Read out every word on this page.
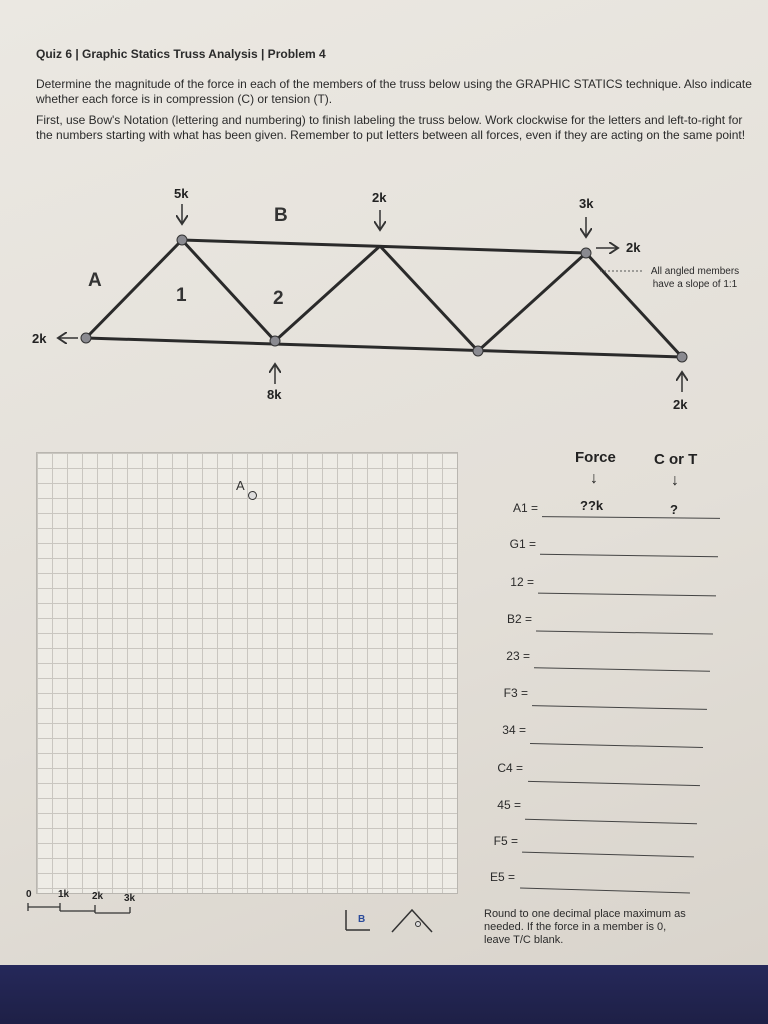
Quiz 6 | Graphic Statics Truss Analysis | Problem 4

Determine the magnitude of the force in each of the members of the truss below using the GRAPHIC STATICS technique. Also indicate whether each force is in compression (C) or tension (T).

First, use Bow's Notation (lettering and numbering) to finish labeling the truss below. Work clockwise for the letters and left-to-right for the numbers starting with what has been given. Remember to put letters between all forces, even if they are acting on the same point!

5k	2k	3k
2k
2k
8k
2k
A
B
1	2
All angled members have a slope of 1:1
A
Force	C or T
↓	↓
A1 =	??k	?
G1 =
12 =
B2 =
23 =
F3 =
34 =
C4 =
45 =
F5 =
E5 =
0	1k 2k 3k
B	Round to one decimal place maximum as needed. If the force in a member is 0, leave T/C blank.
